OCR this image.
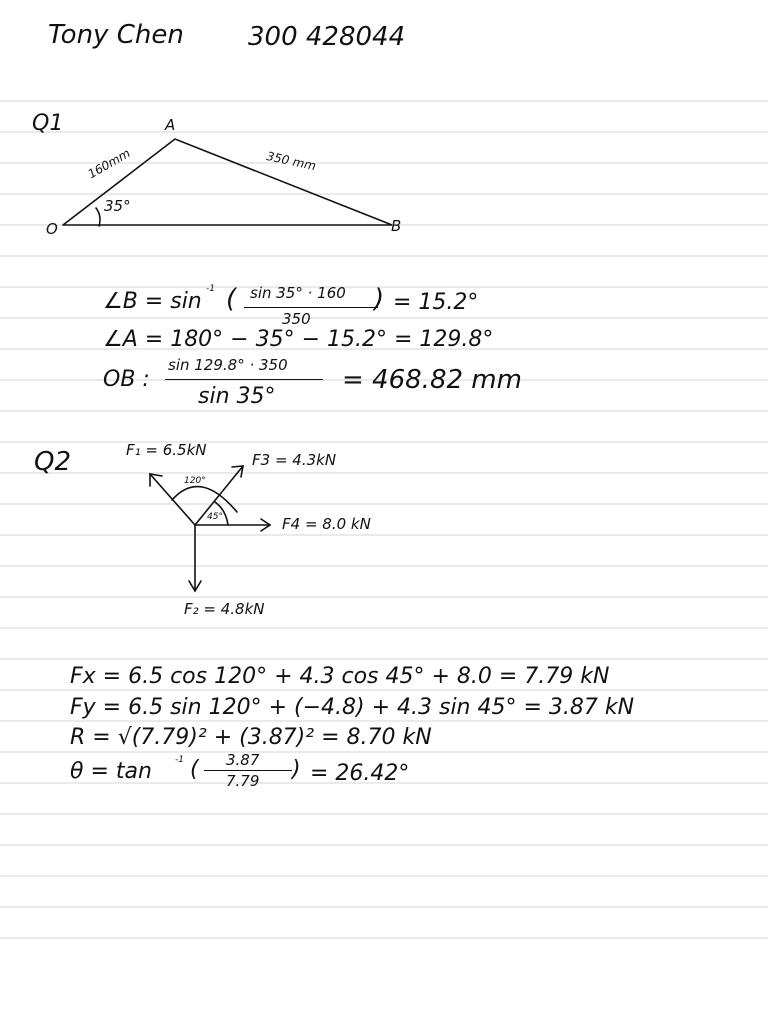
Tony Chen 300 428044
Q1	A
B
O
160mm	350 mm
35°
∠B = sin -1 ( sin 35° · 160
350
) = 15.2°
∠A = 180° − 35° − 15.2° = 129.8°
OB :
sin 129.8° · 350
sin 35°
= 468.82 mm
Q2	F₁ = 6.5kN
F3 = 4.3kN
F4 = 8.0 kN
F₂ = 4.8kN
120°
45°
Fx = 6.5 cos 120° + 4.3 cos 45° + 8.0 = 7.79 kN
Fy = 6.5 sin 120° + (−4.8) + 4.3 sin 45° = 3.87 kN
R = √(7.79)² + (3.87)² = 8.70 kN
θ = tan	-1 ( 3.87
7.79 ) = 26.42°
